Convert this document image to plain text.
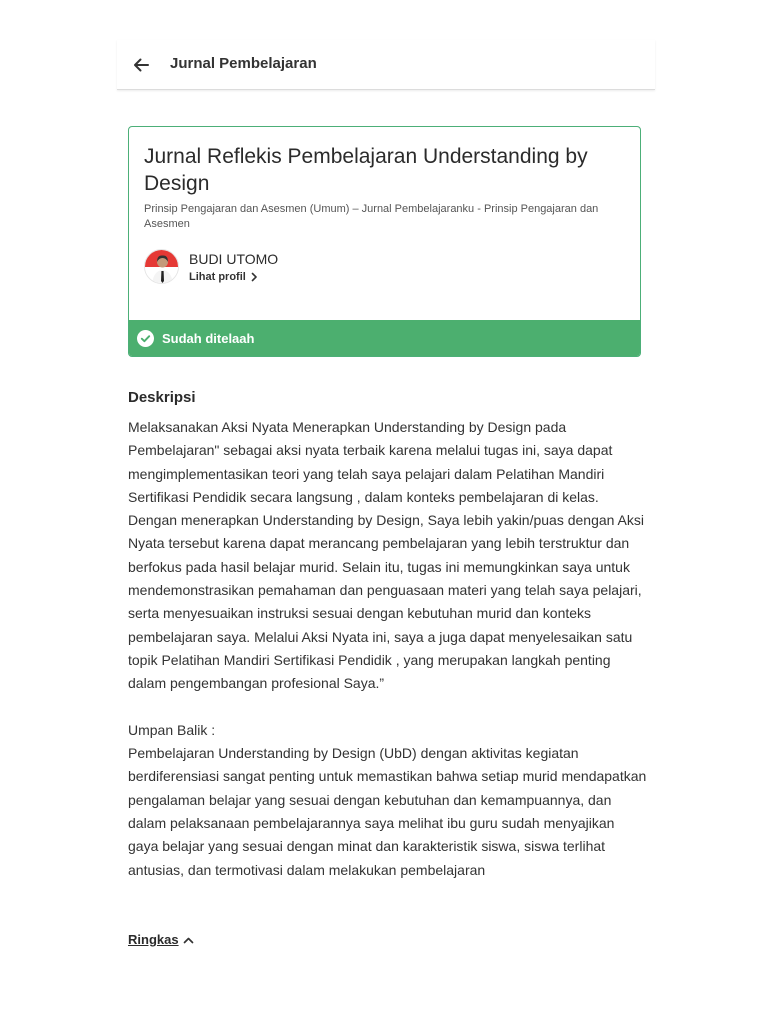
Jurnal Pembelajaran
Jurnal Reflekis Pembelajaran Understanding by Design
Prinsip Pengajaran dan Asesmen (Umum) – Jurnal Pembelajaranku - Prinsip Pengajaran dan Asesmen
BUDI UTOMO
Lihat profil
Sudah ditelaah
Deskripsi

Melaksanakan Aksi Nyata Menerapkan Understanding by Design pada Pembelajaran" sebagai aksi nyata terbaik karena melalui tugas ini, saya dapat mengimplementasikan teori yang telah saya pelajari dalam Pelatihan Mandiri Sertifikasi Pendidik secara langsung , dalam konteks pembelajaran di kelas. Dengan menerapkan Understanding by Design, Saya lebih yakin/puas dengan Aksi Nyata tersebut karena dapat merancang pembelajaran yang lebih terstruktur dan berfokus pada hasil belajar murid. Selain itu, tugas ini memungkinkan saya untuk mendemonstrasikan pemahaman dan penguasaan materi yang telah saya pelajari, serta menyesuaikan instruksi sesuai dengan kebutuhan murid dan konteks pembelajaran saya. Melalui Aksi Nyata ini, saya a juga dapat menyelesaikan satu topik Pelatihan Mandiri Sertifikasi Pendidik , yang merupakan langkah penting dalam pengembangan profesional Saya.”

Umpan Balik :

Pembelajaran Understanding by Design (UbD) dengan aktivitas kegiatan berdiferensiasi sangat penting untuk memastikan bahwa setiap murid mendapatkan pengalaman belajar yang sesuai dengan kebutuhan dan kemampuannya, dan dalam pelaksanaan pembelajarannya saya melihat ibu guru sudah menyajikan gaya belajar yang sesuai dengan minat dan karakteristik siswa, siswa terlihat antusias, dan termotivasi dalam melakukan pembelajaran

Ringkas
